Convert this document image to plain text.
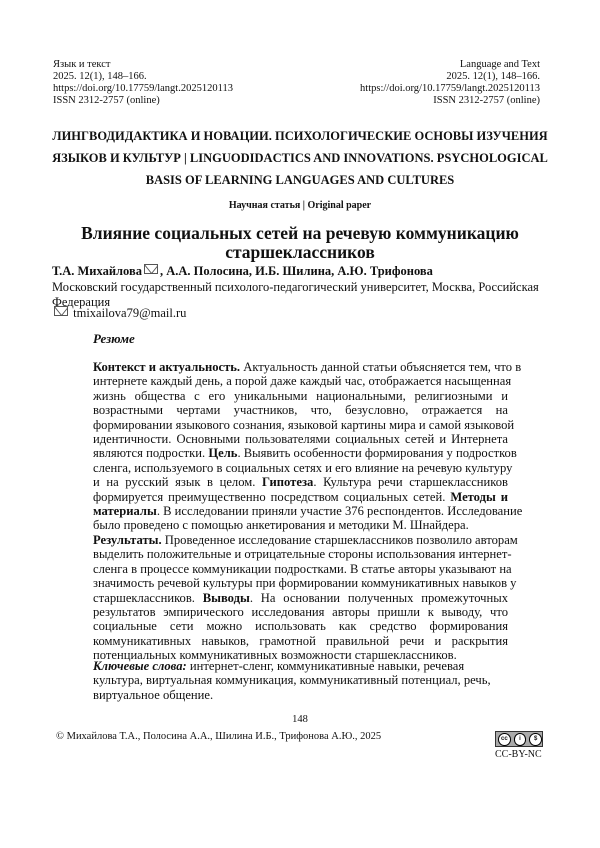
Язык и текст
2025. 12(1), 148–166.
https://doi.org/10.17759/langt.2025120113
ISSN 2312-2757 (online)
Language and Text
2025. 12(1), 148–166.
https://doi.org/10.17759/langt.2025120113
ISSN 2312-2757 (online)
ЛИНГВОДИДАКТИКА И НОВАЦИИ. ПСИХОЛОГИЧЕСКИЕ ОСНОВЫ ИЗУЧЕНИЯ ЯЗЫКОВ И КУЛЬТУР | LINGUODIDACTICS AND INNOVATIONS. PSYCHOLOGICAL BASIS OF LEARNING LANGUAGES AND CULTURES
Научная статья | Original paper
Влияние социальных сетей на речевую коммуникацию старшеклассников
Т.А. Михайлова , А.А. Полосина, И.Б. Шилина, А.Ю. Трифонова
Московский государственный психолого-педагогический университет, Москва, Российская Федерация
tmixailova79@mail.ru
Резюме
Контекст и актуальность. Актуальность данной статьи объясняется тем, что в
интернете каждый день, а порой даже каждый час, отображается насыщенная
жизнь общества с его уникальными национальными, религиозными и
возрастными чертами участников, что, безусловно, отражается на
формировании языкового сознания, языковой картины мира и самой языковой
идентичности. Основными пользователями социальных сетей и Интернета
являются подростки. Цель. Выявить особенности формирования у подростков
сленга, используемого в социальных сетях и его влияние на речевую культуру
и на русский язык в целом. Гипотеза. Культура речи старшеклассников
формируется преимущественно посредством социальных сетей. Методы и
материалы. В исследовании приняли участие 376 респондентов. Исследование
было проведено с помощью анкетирования и методики М. Шнайдера.
Результаты. Проведенное исследование старшеклассников позволило авторам
выделить положительные и отрицательные стороны использования интернет-
сленга в процессе коммуникации подростками. В статье авторы указывают на
значимость речевой культуры при формировании коммуникативных навыков у
старшеклассников. Выводы. На основании полученных промежуточных
результатов эмпирического исследования авторы пришли к выводу, что
социальные сети можно использовать как средство формирования
коммуникативных навыков, грамотной правильной речи и раскрытия
потенциальных коммуникативных возможности старшеклассников.
Ключевые слова: интернет-сленг, коммуникативные навыки, речевая культура, виртуальная коммуникация, коммуникативный потенциал, речь, виртуальное общение.
148
© Михайлова Т.А., Полосина А.А., Шилина И.Б., Трифонова А.Ю., 2025	cc	i	$
CC-BY-NC
